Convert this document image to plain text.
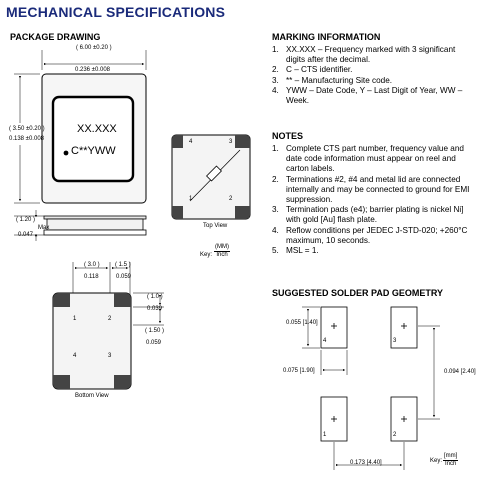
MECHANICAL SPECIFICATIONS
PACKAGE DRAWING
( 6.00 ±0.20 )
0.236 ±0.008
( 3.50 ±0.20 )
0.138 ±0.008
XX.XXX
C**YWW
( 1.20 )
Max
0.047
( 3.0 )
0.118
( 1.5 )
0.059
( 1.0 )
0.039
( 1.50 )
0.059
4	3
1	2
Top View
Key:
(MM)
Inch
1	2
4	3
Bottom View
MARKING INFORMATION
1. XX.XXX – Frequency marked with 3 significant digits after the decimal.
2. C – CTS identifier.
3. ** – Manufacturing Site code.
4. YWW – Date Code, Y – Last Digit of Year, WW – Week.
NOTES
1. Complete CTS part number, frequency value and date code information must appear on reel and carton labels.
2. Terminations #2, #4 and metal lid are connected internally and may be connected to ground for EMI suppression.
3. Termination pads (e4); barrier plating is nickel Ni] with gold [Au] flash plate.
4. Reflow conditions per JEDEC J-STD-020; +260°C maximum, 10 seconds.
5. MSL = 1.
SUGGESTED SOLDER PAD GEOMETRY
0.055 [1.40]
0.075 [1.90]	0.094 [2.40]
0.173 [4.40]
4	3
1	2
Key:
[mm]
Inch
